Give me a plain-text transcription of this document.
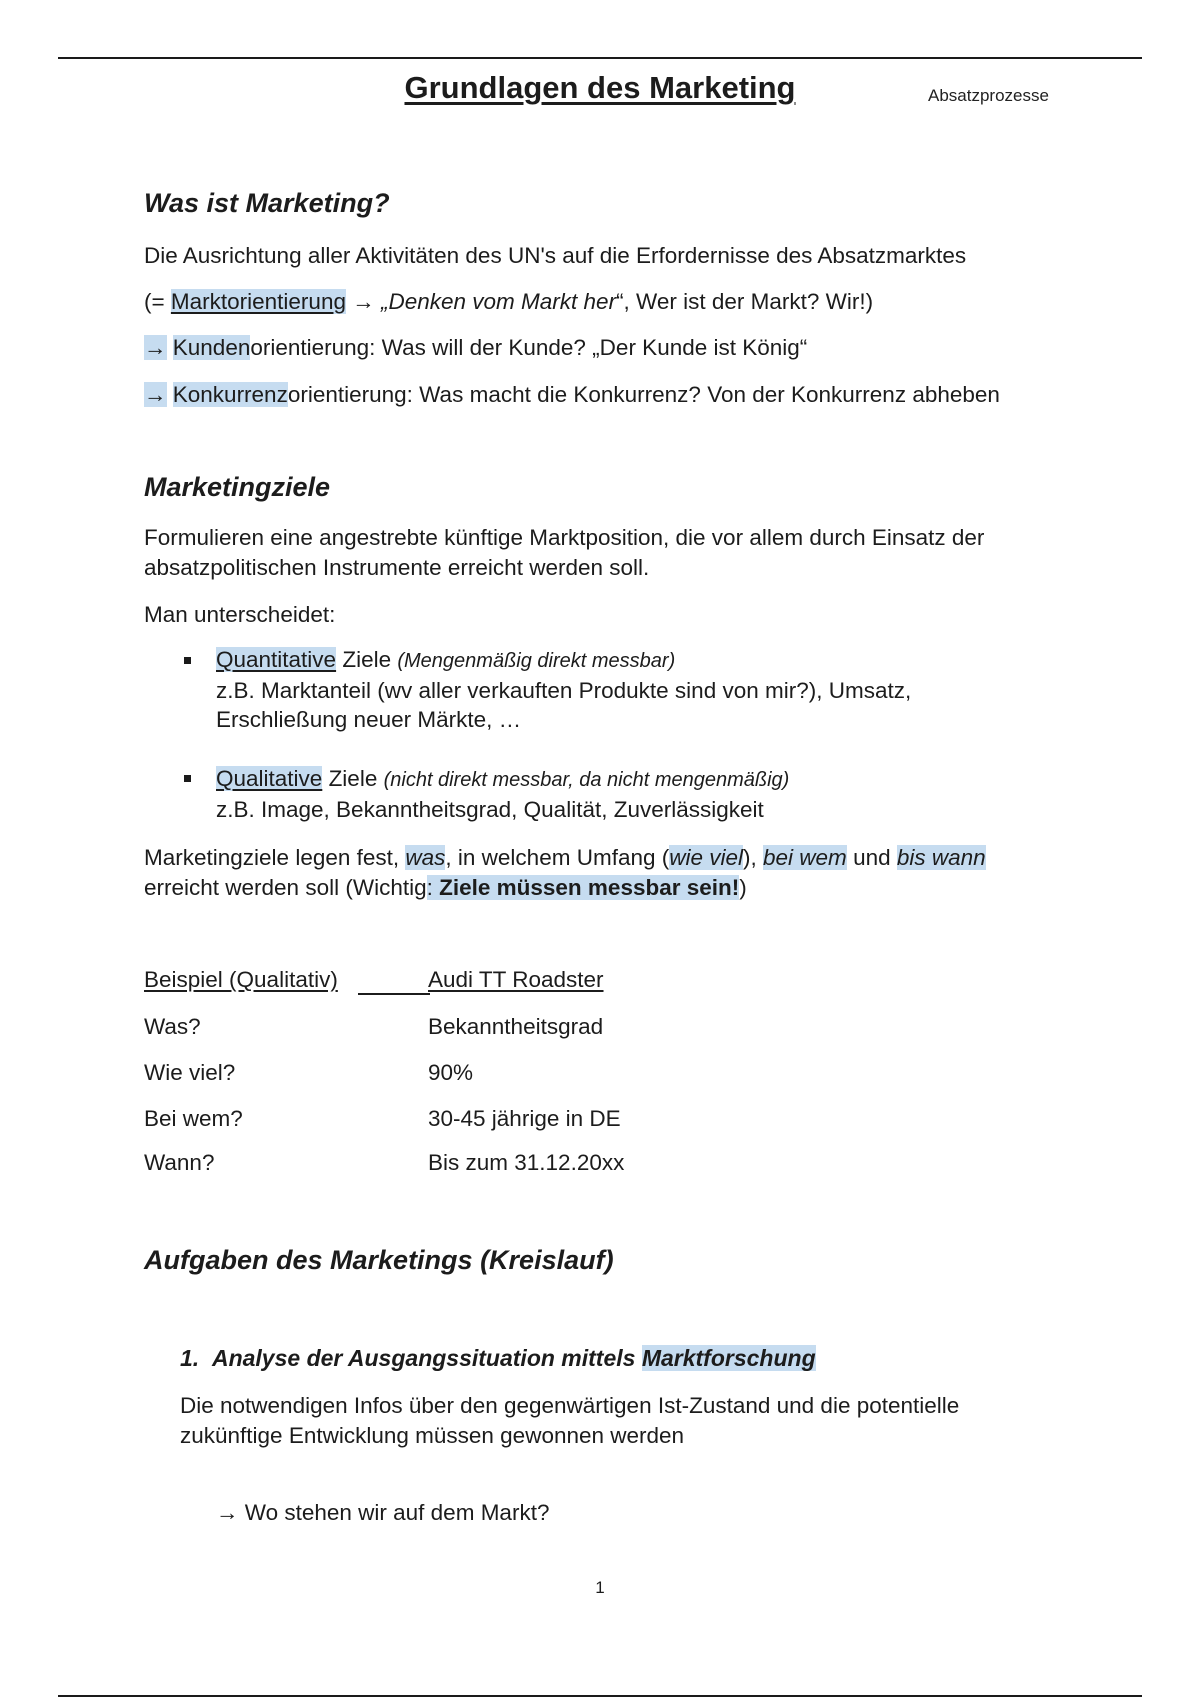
Grundlagen des Marketing	Absatzprozesse
Was ist Marketing?
Die Ausrichtung aller Aktivitäten des UN's auf die Erfordernisse des Absatzmarktes
(= Marktorientierung → „Denken vom Markt her“, Wer ist der Markt? Wir!)
→ Kundenorientierung: Was will der Kunde? „Der Kunde ist König“
→ Konkurrenzorientierung: Was macht die Konkurrenz? Von der Konkurrenz abheben
Marketingziele
Formulieren eine angestrebte künftige Marktposition, die vor allem durch Einsatz der
absatzpolitischen Instrumente erreicht werden soll.
Man unterscheidet:
Quantitative Ziele (Mengenmäßig direkt messbar)
z.B. Marktanteil (wv aller verkauften Produkte sind von mir?), Umsatz,
Erschließung neuer Märkte, …
Qualitative Ziele (nicht direkt messbar, da nicht mengenmäßig)
z.B. Image, Bekanntheitsgrad, Qualität, Zuverlässigkeit
Marketingziele legen fest, was, in welchem Umfang (wie viel), bei wem und bis wann
erreicht werden soll (Wichtig: Ziele müssen messbar sein!)
Beispiel (Qualitativ)	Audi TT Roadster
Was?	Bekanntheitsgrad
Wie viel?	90%
Bei wem?	30-45 jährige in DE
Wann?	Bis zum 31.12.20xx
Aufgaben des Marketings (Kreislauf)
1. Analyse der Ausgangssituation mittels Marktforschung
Die notwendigen Infos über den gegenwärtigen Ist-Zustand und die potentielle
zukünftige Entwicklung müssen gewonnen werden
→ Wo stehen wir auf dem Markt?
1
